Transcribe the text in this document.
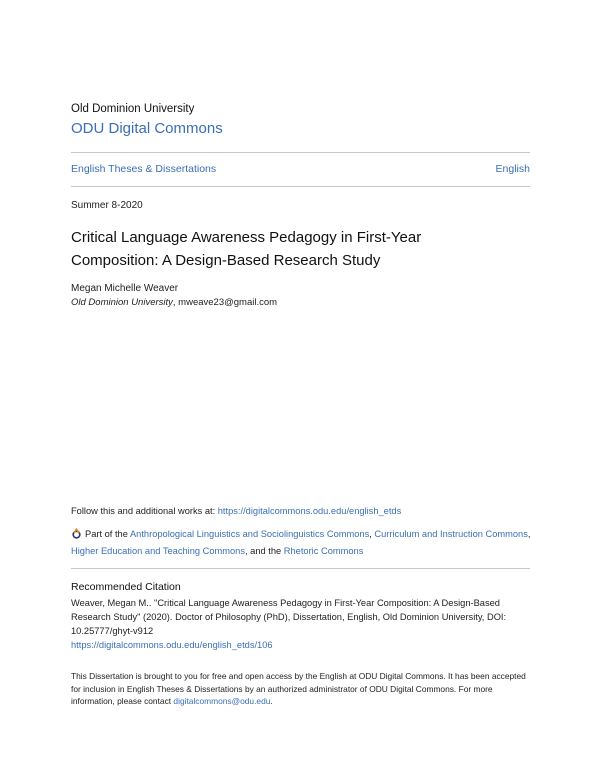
Old Dominion University
ODU Digital Commons
English Theses & Dissertations	English
Summer 8-2020
Critical Language Awareness Pedagogy in First-Year Composition: A Design-Based Research Study
Megan Michelle Weaver
Old Dominion University, mweave23@gmail.com
Follow this and additional works at: https://digitalcommons.odu.edu/english_etds
Part of the Anthropological Linguistics and Sociolinguistics Commons, Curriculum and Instruction Commons, Higher Education and Teaching Commons, and the Rhetoric Commons
Recommended Citation
Weaver, Megan M.. "Critical Language Awareness Pedagogy in First-Year Composition: A Design-Based Research Study" (2020). Doctor of Philosophy (PhD), Dissertation, English, Old Dominion University, DOI: 10.25777/ghyt-v912
https://digitalcommons.odu.edu/english_etds/106
This Dissertation is brought to you for free and open access by the English at ODU Digital Commons. It has been accepted for inclusion in English Theses & Dissertations by an authorized administrator of ODU Digital Commons. For more information, please contact digitalcommons@odu.edu.
